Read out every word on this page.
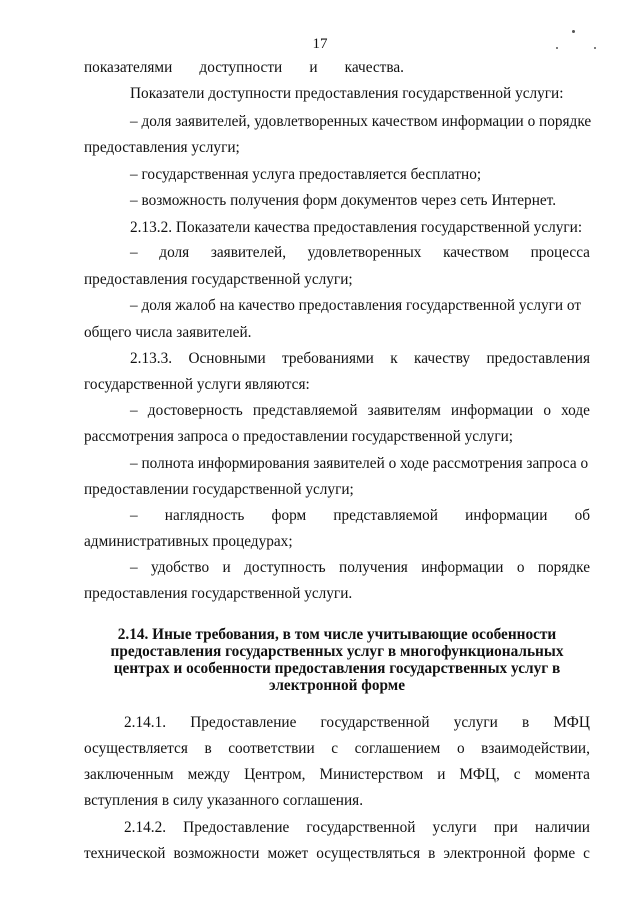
17
показателями доступности и качества.
Показатели доступности предоставления государственной услуги:
– доля заявителей, удовлетворенных качеством информации о порядке
предоставления услуги;
– государственная услуга предоставляется бесплатно;
– возможность получения форм документов через сеть Интернет.
2.13.2. Показатели качества предоставления государственной услуги:
– доля заявителей, удовлетворенных качеством процесса
предоставления государственной услуги;
– доля жалоб на качество предоставления государственной услуги от
общего числа заявителей.
2.13.3. Основными требованиями к качеству предоставления
государственной услуги являются:
– достоверность представляемой заявителям информации о ходе
рассмотрения запроса о предоставлении государственной услуги;
– полнота информирования заявителей о ходе рассмотрения запроса о
предоставлении государственной услуги;
– наглядность форм представляемой информации об
административных процедурах;
– удобство и доступность получения информации о порядке
предоставления государственной услуги.
2.14. Иные требования, в том числе учитывающие особенности
предоставления государственных услуг в многофункциональных
центрах и особенности предоставления государственных услуг в
электронной форме
2.14.1. Предоставление государственной услуги в МФЦ
осуществляется в соответствии с соглашением о взаимодействии,
заключенным между Центром, Министерством и МФЦ, с момента
вступления в силу указанного соглашения.
2.14.2. Предоставление государственной услуги при наличии
технической возможности может осуществляться в электронной форме с
